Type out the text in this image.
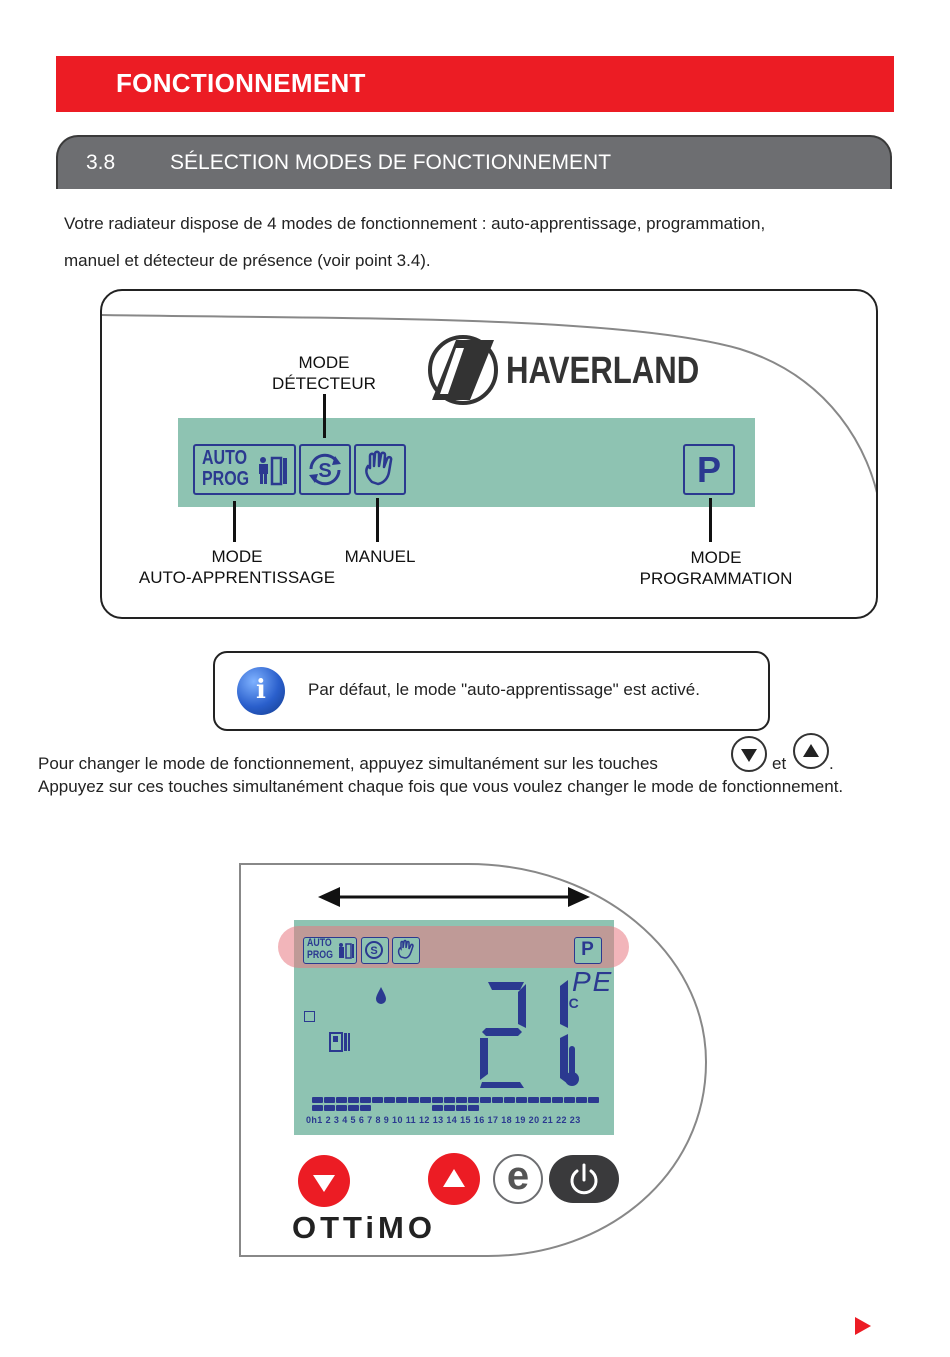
FONCTIONNEMENT
3.8	SÉLECTION MODES DE FONCTIONNEMENT
Votre radiateur dispose de 4 modes de fonctionnement : auto-apprentissage, programmation,
manuel et détecteur de présence (voir point 3.4).
HAVERLAND
AUTO
PROG	S	P
MODE
DÉTECTEUR
MODE
AUTO-APPRENTISSAGE
MANUEL	MODE
PROGRAMMATION
i	Par défaut, le mode "auto-apprentissage" est activé.
Pour changer le mode de fonctionnement, appuyez simultanément sur les touches	et	.
Appuyez sur ces touches simultanément chaque fois que vous voulez changer le mode de fonctionnement.
AUTO
PROG	S	P
°C
PE
0h1 2 3 4 5 6 7 8 9 10 11 12 13 14 15 16 17 18 19 20 21 22 23
e
OTTiMO
